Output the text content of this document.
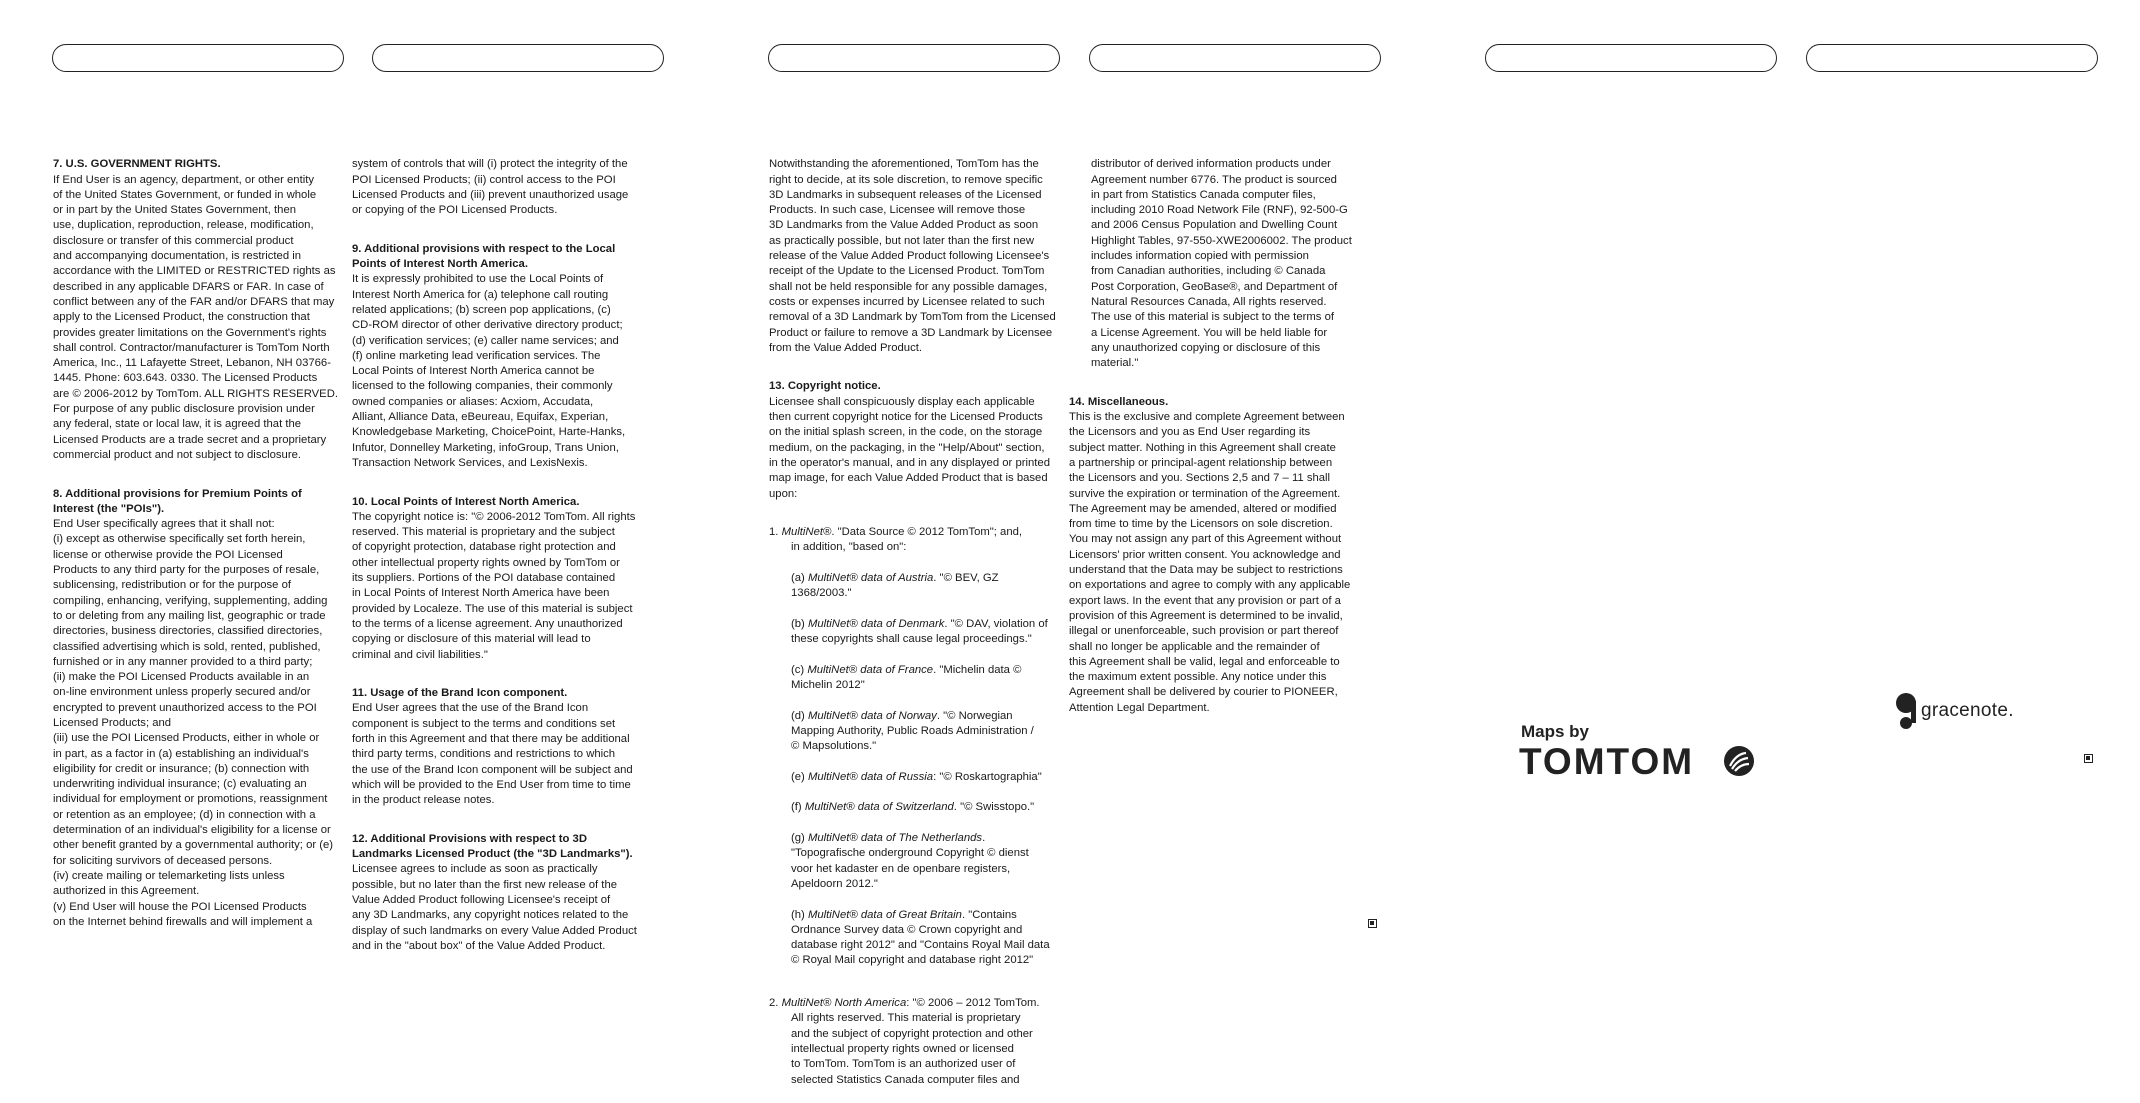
7. U.S. GOVERNMENT RIGHTS.
If End User is an agency, department, or other entity
of the United States Government, or funded in whole
or in part by the United States Government, then
use, duplication, reproduction, release, modification,
disclosure or transfer of this commercial product
and accompanying documentation, is restricted in
accordance with the LIMITED or RESTRICTED rights as
described in any applicable DFARS or FAR. In case of
conflict between any of the FAR and/or DFARS that may
apply to the Licensed Product, the construction that
provides greater limitations on the Government's rights
shall control. Contractor/manufacturer is TomTom North
America, Inc., 11 Lafayette Street, Lebanon, NH 03766-
1445. Phone: 603.643. 0330. The Licensed Products
are © 2006-2012 by TomTom. ALL RIGHTS RESERVED.
For purpose of any public disclosure provision under
any federal, state or local law, it is agreed that the
Licensed Products are a trade secret and a proprietary
commercial product and not subject to disclosure.

8. Additional provisions for Premium Points of
Interest (the "POIs").
End User specifically agrees that it shall not:
(i) except as otherwise specifically set forth herein,
license or otherwise provide the POI Licensed
Products to any third party for the purposes of resale,
sublicensing, redistribution or for the purpose of
compiling, enhancing, verifying, supplementing, adding
to or deleting from any mailing list, geographic or trade
directories, business directories, classified directories,
classified advertising which is sold, rented, published,
furnished or in any manner provided to a third party;
(ii) make the POI Licensed Products available in an
on-line environment unless properly secured and/or
encrypted to prevent unauthorized access to the POI
Licensed Products; and
(iii) use the POI Licensed Products, either in whole or
in part, as a factor in (a) establishing an individual's
eligibility for credit or insurance; (b) connection with
underwriting individual insurance; (c) evaluating an
individual for employment or promotions, reassignment
or retention as an employee; (d) in connection with a
determination of an individual's eligibility for a license or
other benefit granted by a governmental authority; or (e)
for soliciting survivors of deceased persons.
(iv) create mailing or telemarketing lists unless
authorized in this Agreement.
(v) End User will house the POI Licensed Products
on the Internet behind firewalls and will implement a

system of controls that will (i) protect the integrity of the
POI Licensed Products; (ii) control access to the POI
Licensed Products and (iii) prevent unauthorized usage
or copying of the POI Licensed Products.

9. Additional provisions with respect to the Local
Points of Interest North America.
It is expressly prohibited to use the Local Points of
Interest North America for (a) telephone call routing
related applications; (b) screen pop applications, (c)
CD-ROM director of other derivative directory product;
(d) verification services; (e) caller name services; and
(f) online marketing lead verification services. The
Local Points of Interest North America cannot be
licensed to the following companies, their commonly
owned companies or aliases: Acxiom, Accudata,
Alliant, Alliance Data, eBeureau, Equifax, Experian,
Knowledgebase Marketing, ChoicePoint, Harte-Hanks,
Infutor, Donnelley Marketing, infoGroup, Trans Union,
Transaction Network Services, and LexisNexis.

10. Local Points of Interest North America.
The copyright notice is: "© 2006-2012 TomTom. All rights
reserved. This material is proprietary and the subject
of copyright protection, database right protection and
other intellectual property rights owned by TomTom or
its suppliers. Portions of the POI database contained
in Local Points of Interest North America have been
provided by Localeze. The use of this material is subject
to the terms of a license agreement. Any unauthorized
copying or disclosure of this material will lead to
criminal and civil liabilities."

11. Usage of the Brand Icon component.
End User agrees that the use of the Brand Icon
component is subject to the terms and conditions set
forth in this Agreement and that there may be additional
third party terms, conditions and restrictions to which
the use of the Brand Icon component will be subject and
which will be provided to the End User from time to time
in the product release notes.

12. Additional Provisions with respect to 3D
Landmarks Licensed Product (the "3D Landmarks").
Licensee agrees to include as soon as practically
possible, but no later than the first new release of the
Value Added Product following Licensee's receipt of
any 3D Landmarks, any copyright notices related to the
display of such landmarks on every Value Added Product
and in the "about box" of the Value Added Product.

Notwithstanding the aforementioned, TomTom has the
right to decide, at its sole discretion, to remove specific
3D Landmarks in subsequent releases of the Licensed
Products. In such case, Licensee will remove those
3D Landmarks from the Value Added Product as soon
as practically possible, but not later than the first new
release of the Value Added Product following Licensee's
receipt of the Update to the Licensed Product. TomTom
shall not be held responsible for any possible damages,
costs or expenses incurred by Licensee related to such
removal of a 3D Landmark by TomTom from the Licensed
Product or failure to remove a 3D Landmark by Licensee
from the Value Added Product.

13. Copyright notice.
Licensee shall conspicuously display each applicable
then current copyright notice for the Licensed Products
on the initial splash screen, in the code, on the storage
medium, on the packaging, in the "Help/About" section,
in the operator's manual, and in any displayed or printed
map image, for each Value Added Product that is based
upon:

1. MultiNet®. "Data Source © 2012 TomTom"; and,
in addition, "based on":

(a) MultiNet® data of Austria. "© BEV, GZ
1368/2003."

(b) MultiNet® data of Denmark. "© DAV, violation of
these copyrights shall cause legal proceedings."

(c) MultiNet® data of France. "Michelin data ©
Michelin 2012"

(d) MultiNet® data of Norway. "© Norwegian
Mapping Authority, Public Roads Administration /
© Mapsolutions."

(e) MultiNet® data of Russia: "© Roskartographia"

(f) MultiNet® data of Switzerland. "© Swisstopo."

(g) MultiNet® data of The Netherlands.
"Topografische onderground Copyright © dienst
voor het kadaster en de openbare registers,
Apeldoorn 2012."

(h) MultiNet® data of Great Britain. "Contains
Ordnance Survey data © Crown copyright and
database right 2012" and "Contains Royal Mail data
© Royal Mail copyright and database right 2012"

2. MultiNet® North America: "© 2006 – 2012 TomTom.
All rights reserved. This material is proprietary
and the subject of copyright protection and other
intellectual property rights owned or licensed
to TomTom. TomTom is an authorized user of
selected Statistics Canada computer files and

distributor of derived information products under
Agreement number 6776. The product is sourced
in part from Statistics Canada computer files,
including 2010 Road Network File (RNF), 92-500-G
and 2006 Census Population and Dwelling Count
Highlight Tables, 97-550-XWE2006002. The product
includes information copied with permission
from Canadian authorities, including © Canada
Post Corporation, GeoBase®, and Department of
Natural Resources Canada, All rights reserved.
The use of this material is subject to the terms of
a License Agreement. You will be held liable for
any unauthorized copying or disclosure of this
material."

14. Miscellaneous.
This is the exclusive and complete Agreement between
the Licensors and you as End User regarding its
subject matter. Nothing in this Agreement shall create
a partnership or principal-agent relationship between
the Licensors and you. Sections 2,5 and 7 – 11 shall
survive the expiration or termination of the Agreement.
The Agreement may be amended, altered or modified
from time to time by the Licensors on sole discretion.
You may not assign any part of this Agreement without
Licensors' prior written consent. You acknowledge and
understand that the Data may be subject to restrictions
on exportations and agree to comply with any applicable
export laws. In the event that any provision or part of a
provision of this Agreement is determined to be invalid,
illegal or unenforceable, such provision or part thereof
shall no longer be applicable and the remainder of
this Agreement shall be valid, legal and enforceable to
the maximum extent possible. Any notice under this
Agreement shall be delivered by courier to PIONEER,
Attention Legal Department.

Maps by
TOMTOM
gracenote.
